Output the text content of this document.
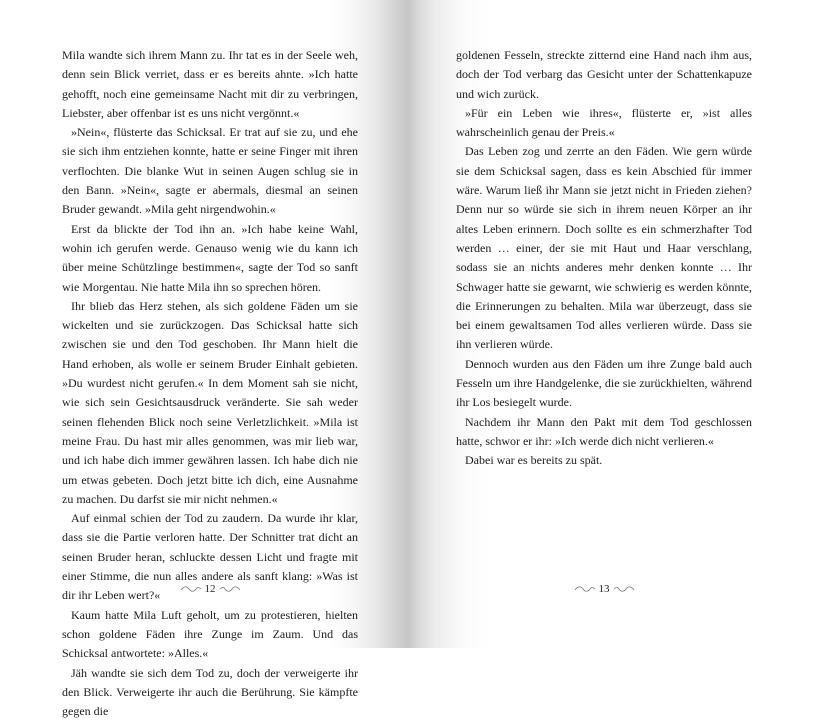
Mila wandte sich ihrem Mann zu. Ihr tat es in der Seele weh, denn sein Blick verriet, dass er es bereits ahnte. »Ich hatte gehofft, noch eine gemeinsame Nacht mit dir zu verbringen, Liebster, aber offenbar ist es uns nicht vergönnt.«

»Nein«, flüsterte das Schicksal. Er trat auf sie zu, und ehe sie sich ihm entziehen konnte, hatte er seine Finger mit ihren verflochten. Die blanke Wut in seinen Augen schlug sie in den Bann. »Nein«, sagte er abermals, diesmal an seinen Bruder gewandt. »Mila geht nirgendwohin.«

Erst da blickte der Tod ihn an. »Ich habe keine Wahl, wohin ich gerufen werde. Genauso wenig wie du kann ich über meine Schützlinge bestimmen«, sagte der Tod so sanft wie Morgentau. Nie hatte Mila ihn so sprechen hören.

Ihr blieb das Herz stehen, als sich goldene Fäden um sie wickelten und sie zurückzogen. Das Schicksal hatte sich zwischen sie und den Tod geschoben. Ihr Mann hielt die Hand erhoben, als wolle er seinem Bruder Einhalt gebieten. »Du wurdest nicht gerufen.« In dem Moment sah sie nicht, wie sich sein Gesichtsausdruck veränderte. Sie sah weder seinen flehenden Blick noch seine Verletzlichkeit. »Mila ist meine Frau. Du hast mir alles genommen, was mir lieb war, und ich habe dich immer gewähren lassen. Ich habe dich nie um etwas gebeten. Doch jetzt bitte ich dich, eine Ausnahme zu machen. Du darfst sie mir nicht nehmen.«

Auf einmal schien der Tod zu zaudern. Da wurde ihr klar, dass sie die Partie verloren hatte. Der Schnitter trat dicht an seinen Bruder heran, schluckte dessen Licht und fragte mit einer Stimme, die nun alles andere als sanft klang: »Was ist dir ihr Leben wert?«

Kaum hatte Mila Luft geholt, um zu protestieren, hielten schon goldene Fäden ihre Zunge im Zaum. Und das Schicksal antwortete: »Alles.«

Jäh wandte sie sich dem Tod zu, doch der verweigerte ihr den Blick. Verweigerte ihr auch die Berührung. Sie kämpfte gegen die

12

goldenen Fesseln, streckte zitternd eine Hand nach ihm aus, doch der Tod verbarg das Gesicht unter der Schattenkapuze und wich zurück.

»Für ein Leben wie ihres«, flüsterte er, »ist alles wahrscheinlich genau der Preis.«

Das Leben zog und zerrte an den Fäden. Wie gern würde sie dem Schicksal sagen, dass es kein Abschied für immer wäre. Warum ließ ihr Mann sie jetzt nicht in Frieden ziehen? Denn nur so würde sie sich in ihrem neuen Körper an ihr altes Leben erinnern. Doch sollte es ein schmerzhafter Tod werden … einer, der sie mit Haut und Haar verschlang, sodass sie an nichts anderes mehr denken konnte … Ihr Schwager hatte sie gewarnt, wie schwierig es werden könnte, die Erinnerungen zu behalten. Mila war überzeugt, dass sie bei einem gewaltsamen Tod alles verlieren würde. Dass sie ihn verlieren würde.

Dennoch wurden aus den Fäden um ihre Zunge bald auch Fesseln um ihre Handgelenke, die sie zurückhielten, während ihr Los besiegelt wurde.

Nachdem ihr Mann den Pakt mit dem Tod geschlossen hatte, schwor er ihr: »Ich werde dich nicht verlieren.«

Dabei war es bereits zu spät.

13
